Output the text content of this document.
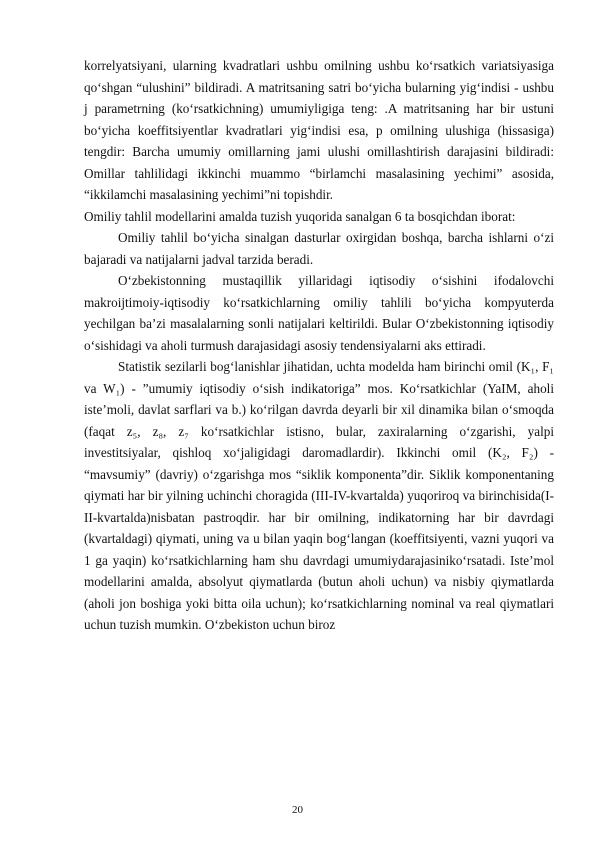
korrelyatsiyani, ularning kvadratlari ushbu omilning ushbu ko‘rsatkich variatsiyasiga qo‘shgan “ulushini” bildiradi. A matritsaning satri bo‘yicha bularning yig‘indisi - ushbu j parametrning (ko‘rsatkichning) umumiyligiga teng: .A matritsaning har bir ustuni bo‘yicha koeffitsiyentlar kvadratlari yig‘indisi esa, p omilning ulushiga (hissasiga) tengdir: Barcha umumiy omillarning jami ulushi omillashtirish darajasini bildiradi: Omillar tahlilidagi ikkinchi muammo “birlamchi masalasining yechimi” asosida, “ikkilamchi masalasining yechimi”ni topishdir.

Omiliy tahlil modellarini amalda tuzish yuqorida sanalgan 6 ta bosqichdan iborat:

Omiliy tahlil bo‘yicha sinalgan dasturlar oxirgidan boshqa, barcha ishlarni o‘zi bajaradi va natijalarni jadval tarzida beradi.

O‘zbekistonning mustaqillik yillaridagi iqtisodiy o‘sishini ifodalovchi makroijtimoiy-iqtisodiy ko‘rsatkichlarning omiliy tahlili bo‘yicha kompyuterda yechilgan ba’zi masalalarning sonli natijalari keltirildi. Bular O‘zbekistonning iqtisodiy o‘sishidagi va aholi turmush darajasidagi asosiy tendensiyalarni aks ettiradi.

Statistik sezilarli bog‘lanishlar jihatidan, uchta modelda ham birinchi omil (K₁, F₁ va W₁) - ”umumiy iqtisodiy o‘sish indikatoriga” mos. Ko‘rsatkichlar (YaIM, aholi iste’moli, davlat sarflari va b.) ko‘rilgan davrda deyarli bir xil dinamika bilan o‘smoqda (faqat z₅, z₈, z₇ ko‘rsatkichlar istisno, bular, zaxiralarning o‘zgarishi, yalpi investitsiyalar, qishloq xo‘jaligidagi daromadlardir). Ikkinchi omil (K₂, F₂) - “mavsumiy” (davriy) o‘zgarishga mos “siklik komponenta”dir. Siklik komponentaning qiymati har bir yilning uchinchi choragida (III-IV-kvartalda) yuqoriroq va birinchisida(I-II-kvartalda)nisbatan pastroqdir. har bir omilning, indikatorning har bir davrdagi (kvartaldagi) qiymati, uning va u bilan yaqin bog‘langan (koeffitsiyenti, vazni yuqori va 1 ga yaqin) ko‘rsatkichlarning ham shu davrdagi umumiydarajasiniko‘rsatadi. Iste’mol modellarini amalda, absolyut qiymatlarda (butun aholi uchun) va nisbiy qiymatlarda (aholi jon boshiga yoki bitta oila uchun); ko‘rsatkichlarning nominal va real qiymatlari uchun tuzish mumkin. O‘zbekiston uchun biroz

20
